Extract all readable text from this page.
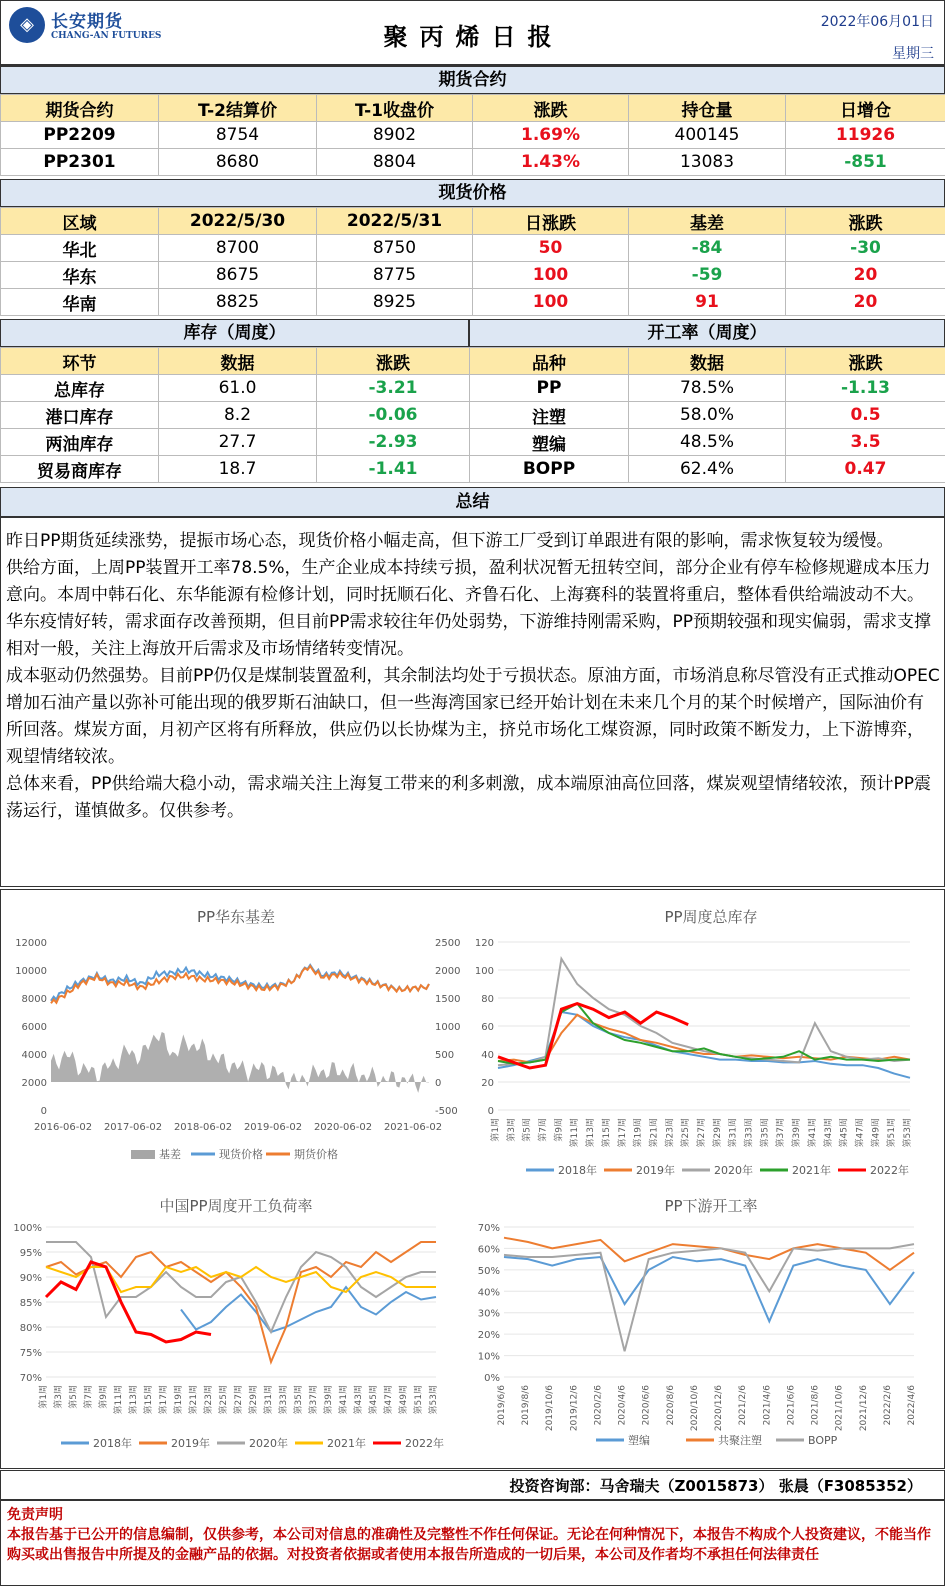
◈	长安期货
CHANG-AN FUTURES	聚丙烯日报
2022年06月01日
星期三
期货合约
期货合约	T-2结算价	T-1收盘价	涨跌	持仓量	日增仓
PP2209	8754	8902	1.69%	400145	11926
PP2301	8680	8804	1.43%	13083	-851
现货价格
区域	2022/5/30	2022/5/31	日涨跌	基差	涨跌
华北	8700	8750	50	-84	-30
华东	8675	8775	100	-59	20
华南	8825	8925	100	91	20
库存（周度）	开工率（周度）
环节	数据	涨跌
总库存	61.0	-3.21
港口库存	8.2	-0.06
两油库存	27.7	-2.93
贸易商库存	18.7	-1.41
品种	数据	涨跌
PP	78.5%	-1.13
注塑	58.0%	0.5
塑编	48.5%	3.5
BOPP	62.4%	0.47
总结

昨日PP期货延续涨势，提振市场心态，现货价格小幅走高，但下游工厂受到订单跟进有限的影响，需求恢复较为缓慢。

供给方面，上周PP装置开工率78.5%，生产企业成本持续亏损，盈利状况暂无扭转空间，部分企业有停车检修规避成本压力意向。本周中韩石化、东华能源有检修计划，同时抚顺石化、齐鲁石化、上海赛科的装置将重启，整体看供给端波动不大。

华东疫情好转，需求面存改善预期，但目前PP需求较往年仍处弱势，下游维持刚需采购，PP预期较强和现实偏弱，需求支撑相对一般，关注上海放开后需求及市场情绪转变情况。

成本驱动仍然强势。目前PP仍仅是煤制装置盈利，其余制法均处于亏损状态。原油方面，市场消息称尽管没有正式推动OPEC增加石油产量以弥补可能出现的俄罗斯石油缺口，但一些海湾国家已经开始计划在未来几个月的某个时候增产，国际油价有所回落。煤炭方面，月初产区将有所释放，供应仍以长协煤为主，挤兑市场化工煤资源，同时政策不断发力，上下游博弈，观望情绪较浓。

总体来看，PP供给端大稳小动，需求端关注上海复工带来的利多刺激，成本端原油高位回落，煤炭观望情绪较浓，预计PP震荡运行，谨慎做多。仅供参考。

PP华东基差
12000
10000
8000
6000
4000
2000
0
2500
2000
1500
1000
500
0
-500
2016-06-02 2017-06-02 2018-06-02 2019-06-02 2020-06-02 2021-06-02
基差	现货价格	期货价格
PP周度总库存
120
100
80
60
40
20
0
第1周 第3周 第5周 第7周 第9周 第11周 第13周 第15周 第17周 第19周 第21周 第23周 第25周 第27周 第29周 第31周 第33周 第35周 第37周 第39周 第41周 第43周 第45周 第47周 第49周 第51周 第53周
2018年	2019年	2020年	2021年	2022年
中国PP周度开工负荷率
100%
95%
90%
85%
80%
75%
70%
第1周 第3周 第5周 第7周 第9周 第11周 第13周 第15周 第17周 第19周 第21周 第23周 第25周 第27周 第29周 第31周 第33周 第35周 第37周 第39周 第41周 第43周 第45周 第47周 第49周 第51周 第53周
2018年	2019年	2020年	2021年	2022年
PP下游开工率
70%
60%
50%
40%
30%
20%
10%
0%
2019/6/6 2019/8/6 2019/10/6 2019/12/6 2020/2/6 2020/4/6 2020/6/6 2020/8/6 2020/10/6 2020/12/6 2021/2/6 2021/4/6 2021/6/6 2021/8/6 2021/10/6 2021/12/6 2022/2/6 2022/4/6
塑编	共聚注塑	BOPP
投资咨询部：马舍瑞夫（Z0015873） 张晨（F3085352）
免责声明
本报告基于已公开的信息编制，仅供参考，本公司对信息的准确性及完整性不作任何保证。无论在何种情况下，本报告不构成个人投资建议，不能当作购买或出售报告中所提及的金融产品的依据。对投资者依据或者使用本报告所造成的一切后果，本公司及作者均不承担任何法律责任
